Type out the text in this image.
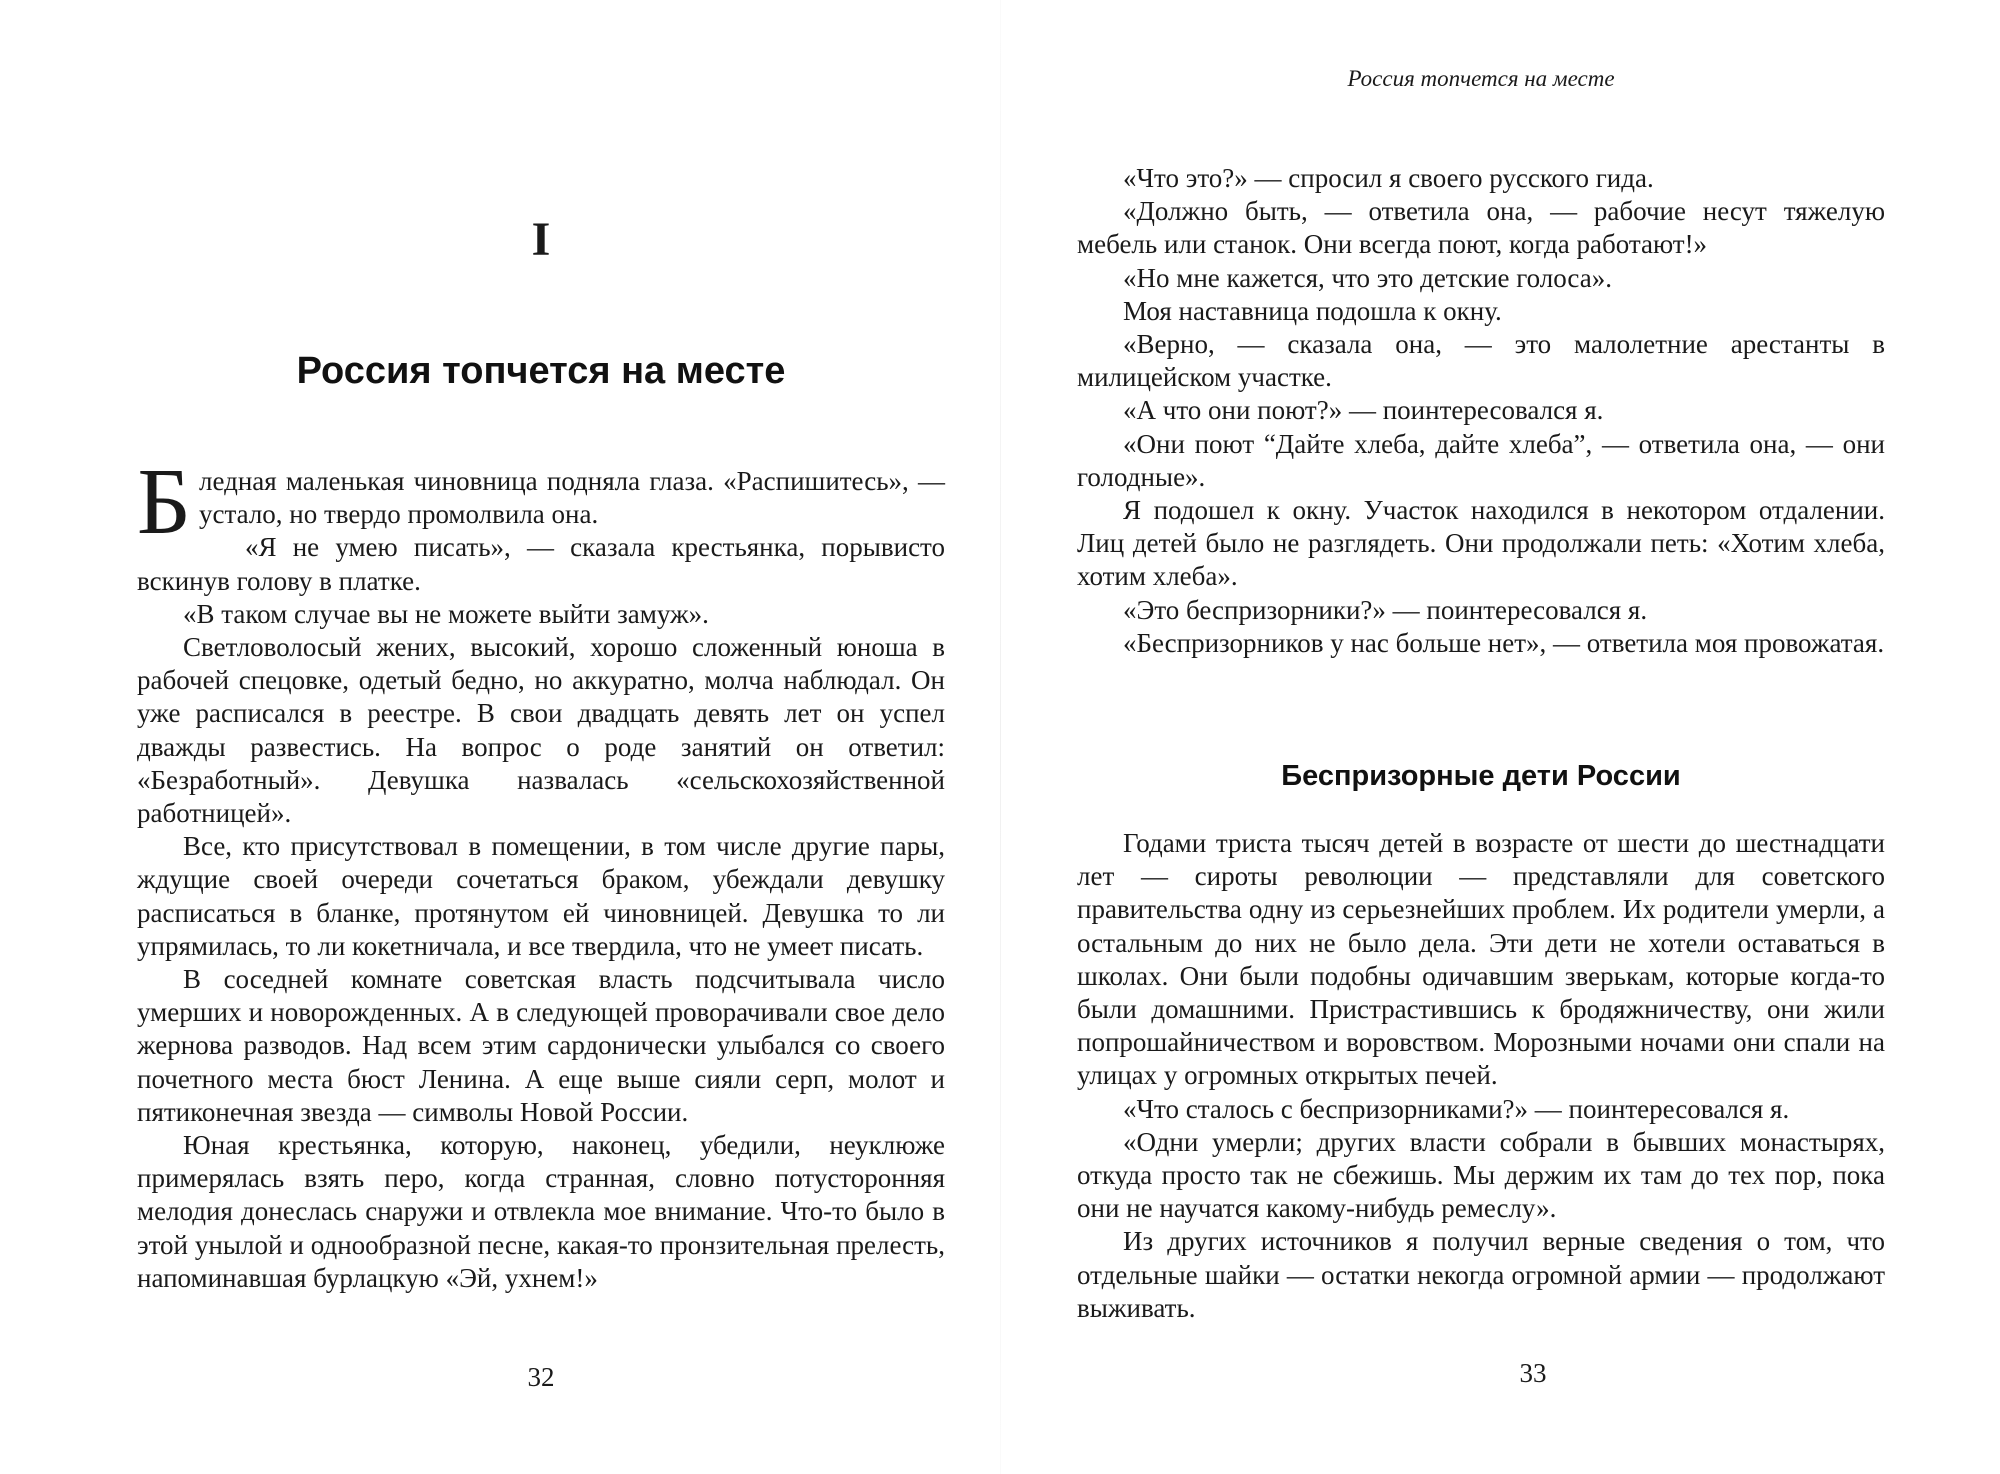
I
Россия топчется на месте

Бледная маленькая чиновница подняла глаза. «Распишитесь», — устало, но твердо промолвила она.

«Я не умею писать», — сказала крестьянка, порывисто вскинув голову в платке.

«В таком случае вы не можете выйти замуж».

Светловолосый жених, высокий, хорошо сложенный юноша в рабочей спецовке, одетый бедно, но аккуратно, молча наблюдал. Он уже расписался в реестре. В свои двадцать девять лет он успел дважды развестись. На вопрос о роде занятий он ответил: «Безработный». Девушка назвалась «сельскохозяйственной работницей».

Все, кто присутствовал в помещении, в том числе другие пары, ждущие своей очереди сочетаться браком, убеждали девушку расписаться в бланке, протянутом ей чиновницей. Девушка то ли упрямилась, то ли кокетничала, и все твердила, что не умеет писать.

В соседней комнате советская власть подсчитывала число умерших и новорожденных. А в следующей проворачивали свое дело жернова разводов. Над всем этим сардонически улыбался со своего почетного места бюст Ленина. А еще выше сияли серп, молот и пятиконечная звезда — символы Новой России.

Юная крестьянка, которую, наконец, убедили, неуклюже примерялась взять перо, когда странная, словно потусторонняя мелодия донеслась снаружи и отвлекла мое внимание. Что-то было в этой унылой и однообразной песне, какая-то пронзительная прелесть, напоминавшая бурлацкую «Эй, ухнем!»

32
Россия топчется на месте

«Что это?» — спросил я своего русского гида.

«Должно быть, — ответила она, — рабочие несут тяжелую мебель или станок. Они всегда поют, когда работают!»

«Но мне кажется, что это детские голоса».

Моя наставница подошла к окну.

«Верно, — сказала она, — это малолетние арестанты в милицейском участке.

«А что они поют?» — поинтересовался я.

«Они поют “Дайте хлеба, дайте хлеба”, — ответила она, — они голодные».

Я подошел к окну. Участок находился в некотором отдалении. Лиц детей было не разглядеть. Они продолжали петь: «Хотим хлеба, хотим хлеба».

«Это беспризорники?» — поинтересовался я.

«Беспризорников у нас больше нет», — ответила моя провожатая.

Беспризорные дети России

Годами триста тысяч детей в возрасте от шести до шестнадцати лет — сироты революции — представляли для советского правительства одну из серьезнейших проблем. Их родители умерли, а остальным до них не было дела. Эти дети не хотели оставаться в школах. Они были подобны одичавшим зверькам, которые когда-то были домашними. Пристрастившись к бродяжничеству, они жили попрошайничеством и воровством. Морозными ночами они спали на улицах у огромных открытых печей.

«Что сталось с беспризорниками?» — поинтересовался я.

«Одни умерли; других власти собрали в бывших монастырях, откуда просто так не сбежишь. Мы держим их там до тех пор, пока они не научатся какому-нибудь ремеслу».

Из других источников я получил верные сведения о том, что отдельные шайки — остатки некогда огромной армии — продолжают выживать.

33
